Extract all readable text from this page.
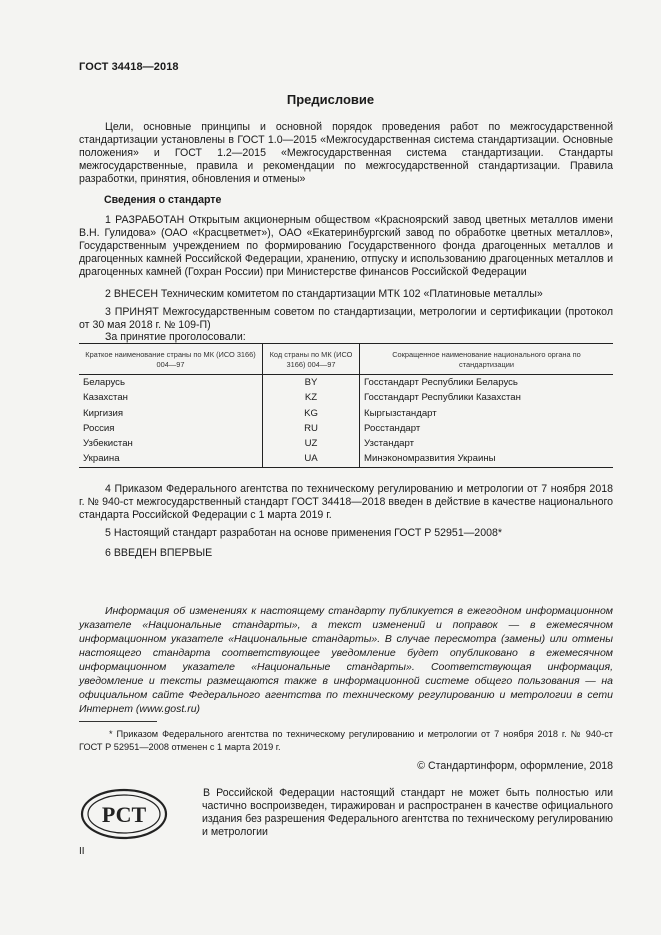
ГОСТ 34418—2018
Предисловие
Цели, основные принципы и основной порядок проведения работ по межгосударственной стандартизации установлены в ГОСТ 1.0—2015 «Межгосударственная система стандартизации. Основные положения» и ГОСТ 1.2—2015 «Межгосударственная система стандартизации. Стандарты межгосударственные, правила и рекомендации по межгосударственной стандартизации. Правила разработки, принятия, обновления и отмены»
Сведения о стандарте
1 РАЗРАБОТАН Открытым акционерным обществом «Красноярский завод цветных металлов имени В.Н. Гулидова» (ОАО «Красцветмет»), ОАО «Екатеринбургский завод по обработке цветных металлов», Государственным учреждением по формированию Государственного фонда драгоценных металлов и драгоценных камней Российской Федерации, хранению, отпуску и использованию драгоценных металлов и драгоценных камней (Гохран России) при Министерстве финансов Российской Федерации
2 ВНЕСЕН Техническим комитетом по стандартизации МТК 102 «Платиновые металлы»
3 ПРИНЯТ Межгосударственным советом по стандартизации, метрологии и сертификации (протокол от 30 мая 2018 г. № 109-П)
За принятие проголосовали:
Краткое наименование страны по МК (ИСО 3166) 004—97	Код страны по МК (ИСО 3166) 004—97	Сокращенное наименование национального органа по стандартизации
Беларусь	BY	Госстандарт Республики Беларусь
Казахстан	KZ	Госстандарт Республики Казахстан
Киргизия	KG	Кыргызстандарт
Россия	RU	Росстандарт
Узбекистан	UZ	Узстандарт
Украина	UA	Минэкономразвития Украины
4 Приказом Федерального агентства по техническому регулированию и метрологии от 7 ноября 2018 г. № 940-ст межгосударственный стандарт ГОСТ 34418—2018 введен в действие в качестве национального стандарта Российской Федерации с 1 марта 2019 г.
5 Настоящий стандарт разработан на основе применения ГОСТ Р 52951—2008*
6 ВВЕДЕН ВПЕРВЫЕ
Информация об изменениях к настоящему стандарту публикуется в ежегодном информационном указателе «Национальные стандарты», а текст изменений и поправок — в ежемесячном информационном указателе «Национальные стандарты». В случае пересмотра (замены) или отмены настоящего стандарта соответствующее уведомление будет опубликовано в ежемесячном информационном указателе «Национальные стандарты». Соответствующая информация, уведомление и тексты размещаются также в информационной системе общего пользования — на официальном сайте Федерального агентства по техническому регулированию и метрологии в сети Интернет (www.gost.ru)
* Приказом Федерального агентства по техническому регулированию и метрологии от 7 ноября 2018 г. № 940-ст ГОСТ Р 52951—2008 отменен с 1 марта 2019 г.
© Стандартинформ, оформление, 2018
РСТ
В Российской Федерации настоящий стандарт не может быть полностью или частично воспроизведен, тиражирован и распространен в качестве официального издания без разрешения Федерального агентства по техническому регулированию и метрологии
II
